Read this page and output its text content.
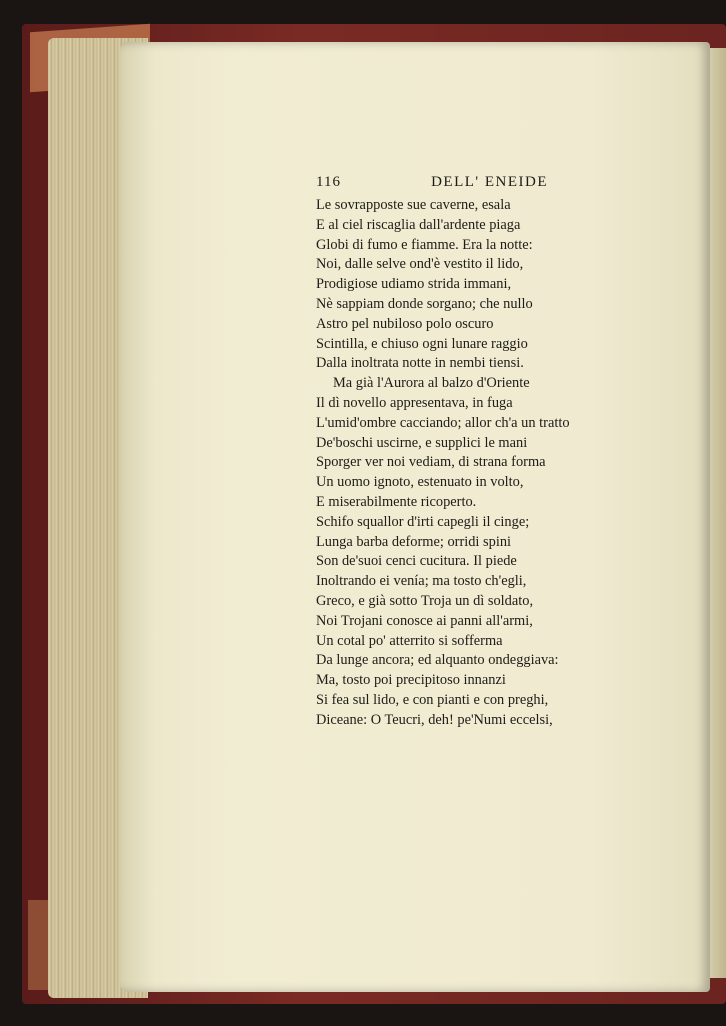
116	DELL' ENEIDE
Le sovrapposte sue caverne, esala
E al ciel riscaglia dall'ardente piaga
Globi di fumo e fiamme. Era la notte:
Noi, dalle selve ond'è vestito il lido,
Prodigiose udiamo strida immani,
Nè sappiam donde sorgano; che nullo
Astro pel nubiloso polo oscuro
Scintilla, e chiuso ogni lunare raggio
Dalla inoltrata notte in nembi tiensi.
Ma già l'Aurora al balzo d'Oriente
Il dì novello appresentava, in fuga
L'umid'ombre cacciando; allor ch'a un tratto
De'boschi uscirne, e supplici le mani
Sporger ver noi vediam, di strana forma
Un uomo ignoto, estenuato in volto,
E miserabilmente ricoperto.
Schifo squallor d'irti capegli il cinge;
Lunga barba deforme; orridi spini
Son de'suoi cenci cucitura. Il piede
Inoltrando ei venía; ma tosto ch'egli,
Greco, e già sotto Troja un dì soldato,
Noi Trojani conosce ai panni all'armi,
Un cotal po' atterrito si sofferma
Da lunge ancora; ed alquanto ondeggiava:
Ma, tosto poi precipitoso innanzi
Si fea sul lido, e con pianti e con preghi,
Diceane: O Teucri, deh! pe'Numi eccelsi,
